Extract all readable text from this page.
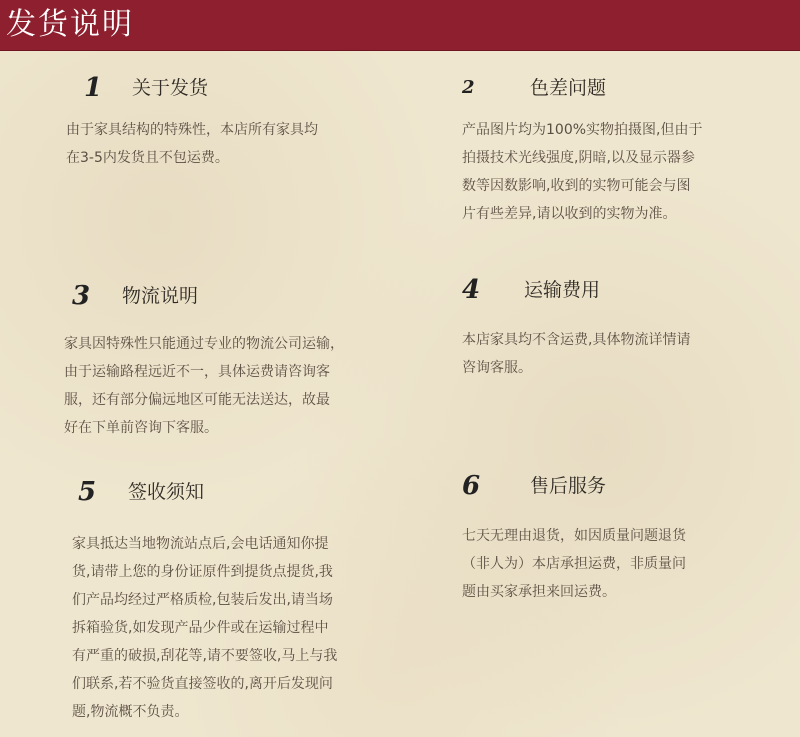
发货说明
1 关于发货

由于家具结构的特殊性，本店所有家具均
在3-5内发货且不包运费。

2	色差问题

产品图片均为100%实物拍摄图,但由于
拍摄技术光线强度,阴暗,以及显示器参
数等因数影响,收到的实物可能会与图
片有些差异,请以收到的实物为准。

3 物流说明

家具因特殊性只能通过专业的物流公司运输，
由于运输路程远近不一，具体运费请咨询客
服，还有部分偏远地区可能无法送达，故最
好在下单前咨询下客服。

4 运输费用

本店家具均不含运费,具体物流详情请
咨询客服。

5 签收须知

家具抵达当地物流站点后,会电话通知你提
货,请带上您的身份证原件到提货点提货,我
们产品均经过严格质检,包装后发出,请当场
拆箱验货,如发现产品少件或在运输过程中
有严重的破损,刮花等,请不要签收,马上与我
们联系,若不验货直接签收的,离开后发现问
题,物流概不负责。

6	售后服务

七天无理由退货，如因质量问题退货
（非人为）本店承担运费，非质量问
题由买家承担来回运费。
